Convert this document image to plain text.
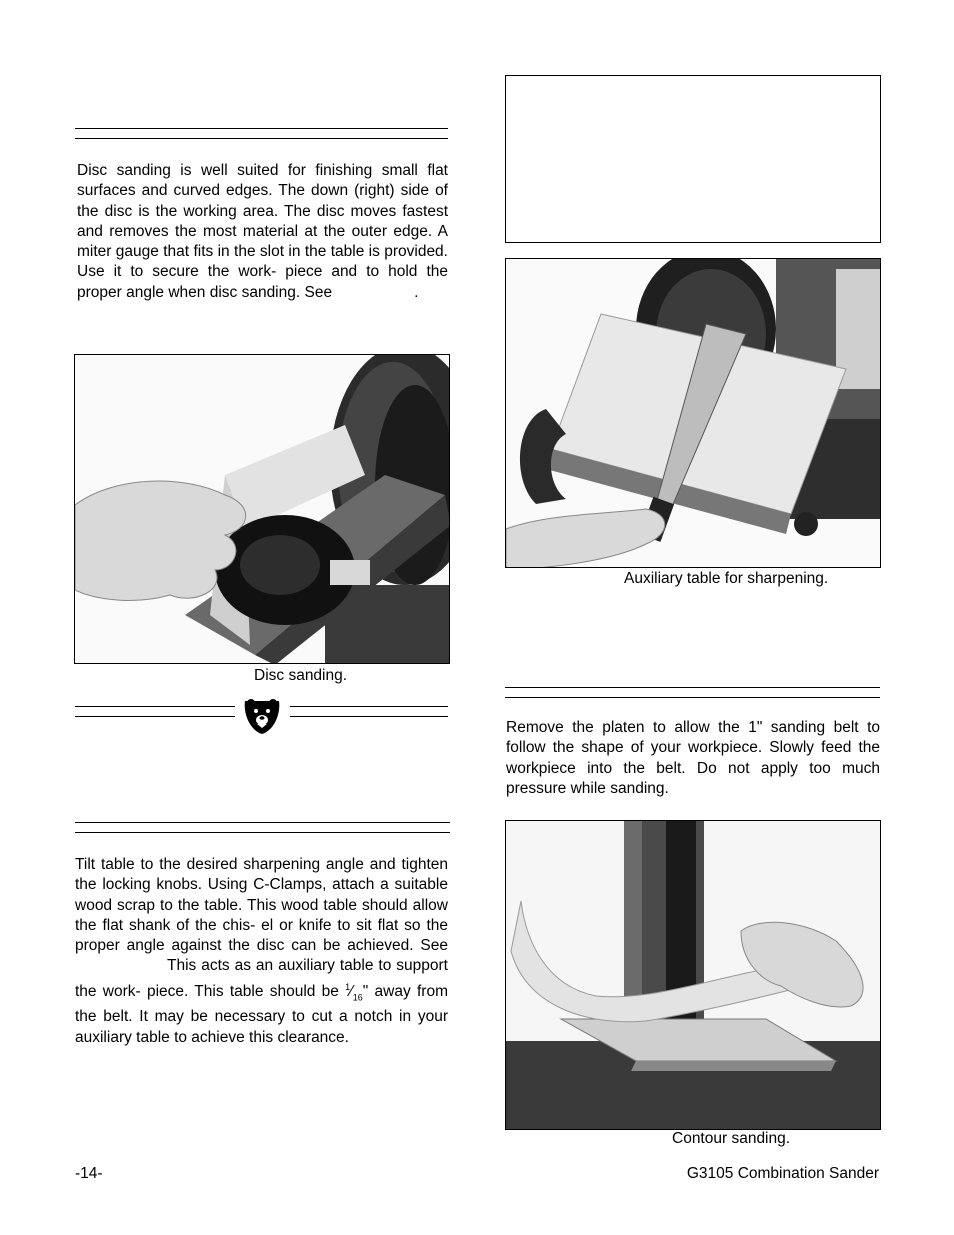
Disc sanding is well suited for finishing small flat surfaces and curved edges. The down (right) side of the disc is the working area. The disc moves fastest and removes the most material at the outer edge. A miter gauge that fits in the slot in the table is provided. Use it to secure the work- piece and to hold the proper angle when disc sanding. See	.

Disc sanding.

Tilt table to the desired sharpening angle and tighten the locking knobs. Using C-Clamps, attach a suitable wood scrap to the table. This wood table should allow the flat shank of the chis- el or knife to sit flat so the proper angle against the disc can be achieved. SeeThis acts as an auxiliary table to support the work- piece. This table should be $^1⁄_{16}$" away from the belt. It may be necessary to cut a notch in your auxiliary table to achieve this clearance.

Auxiliary table for sharpening.

Remove the platen to allow the 1" sanding belt to follow the shape of your workpiece. Slowly feed the workpiece into the belt. Do not apply too much pressure while sanding.

Contour sanding.
-14-	G3105 Combination Sander
